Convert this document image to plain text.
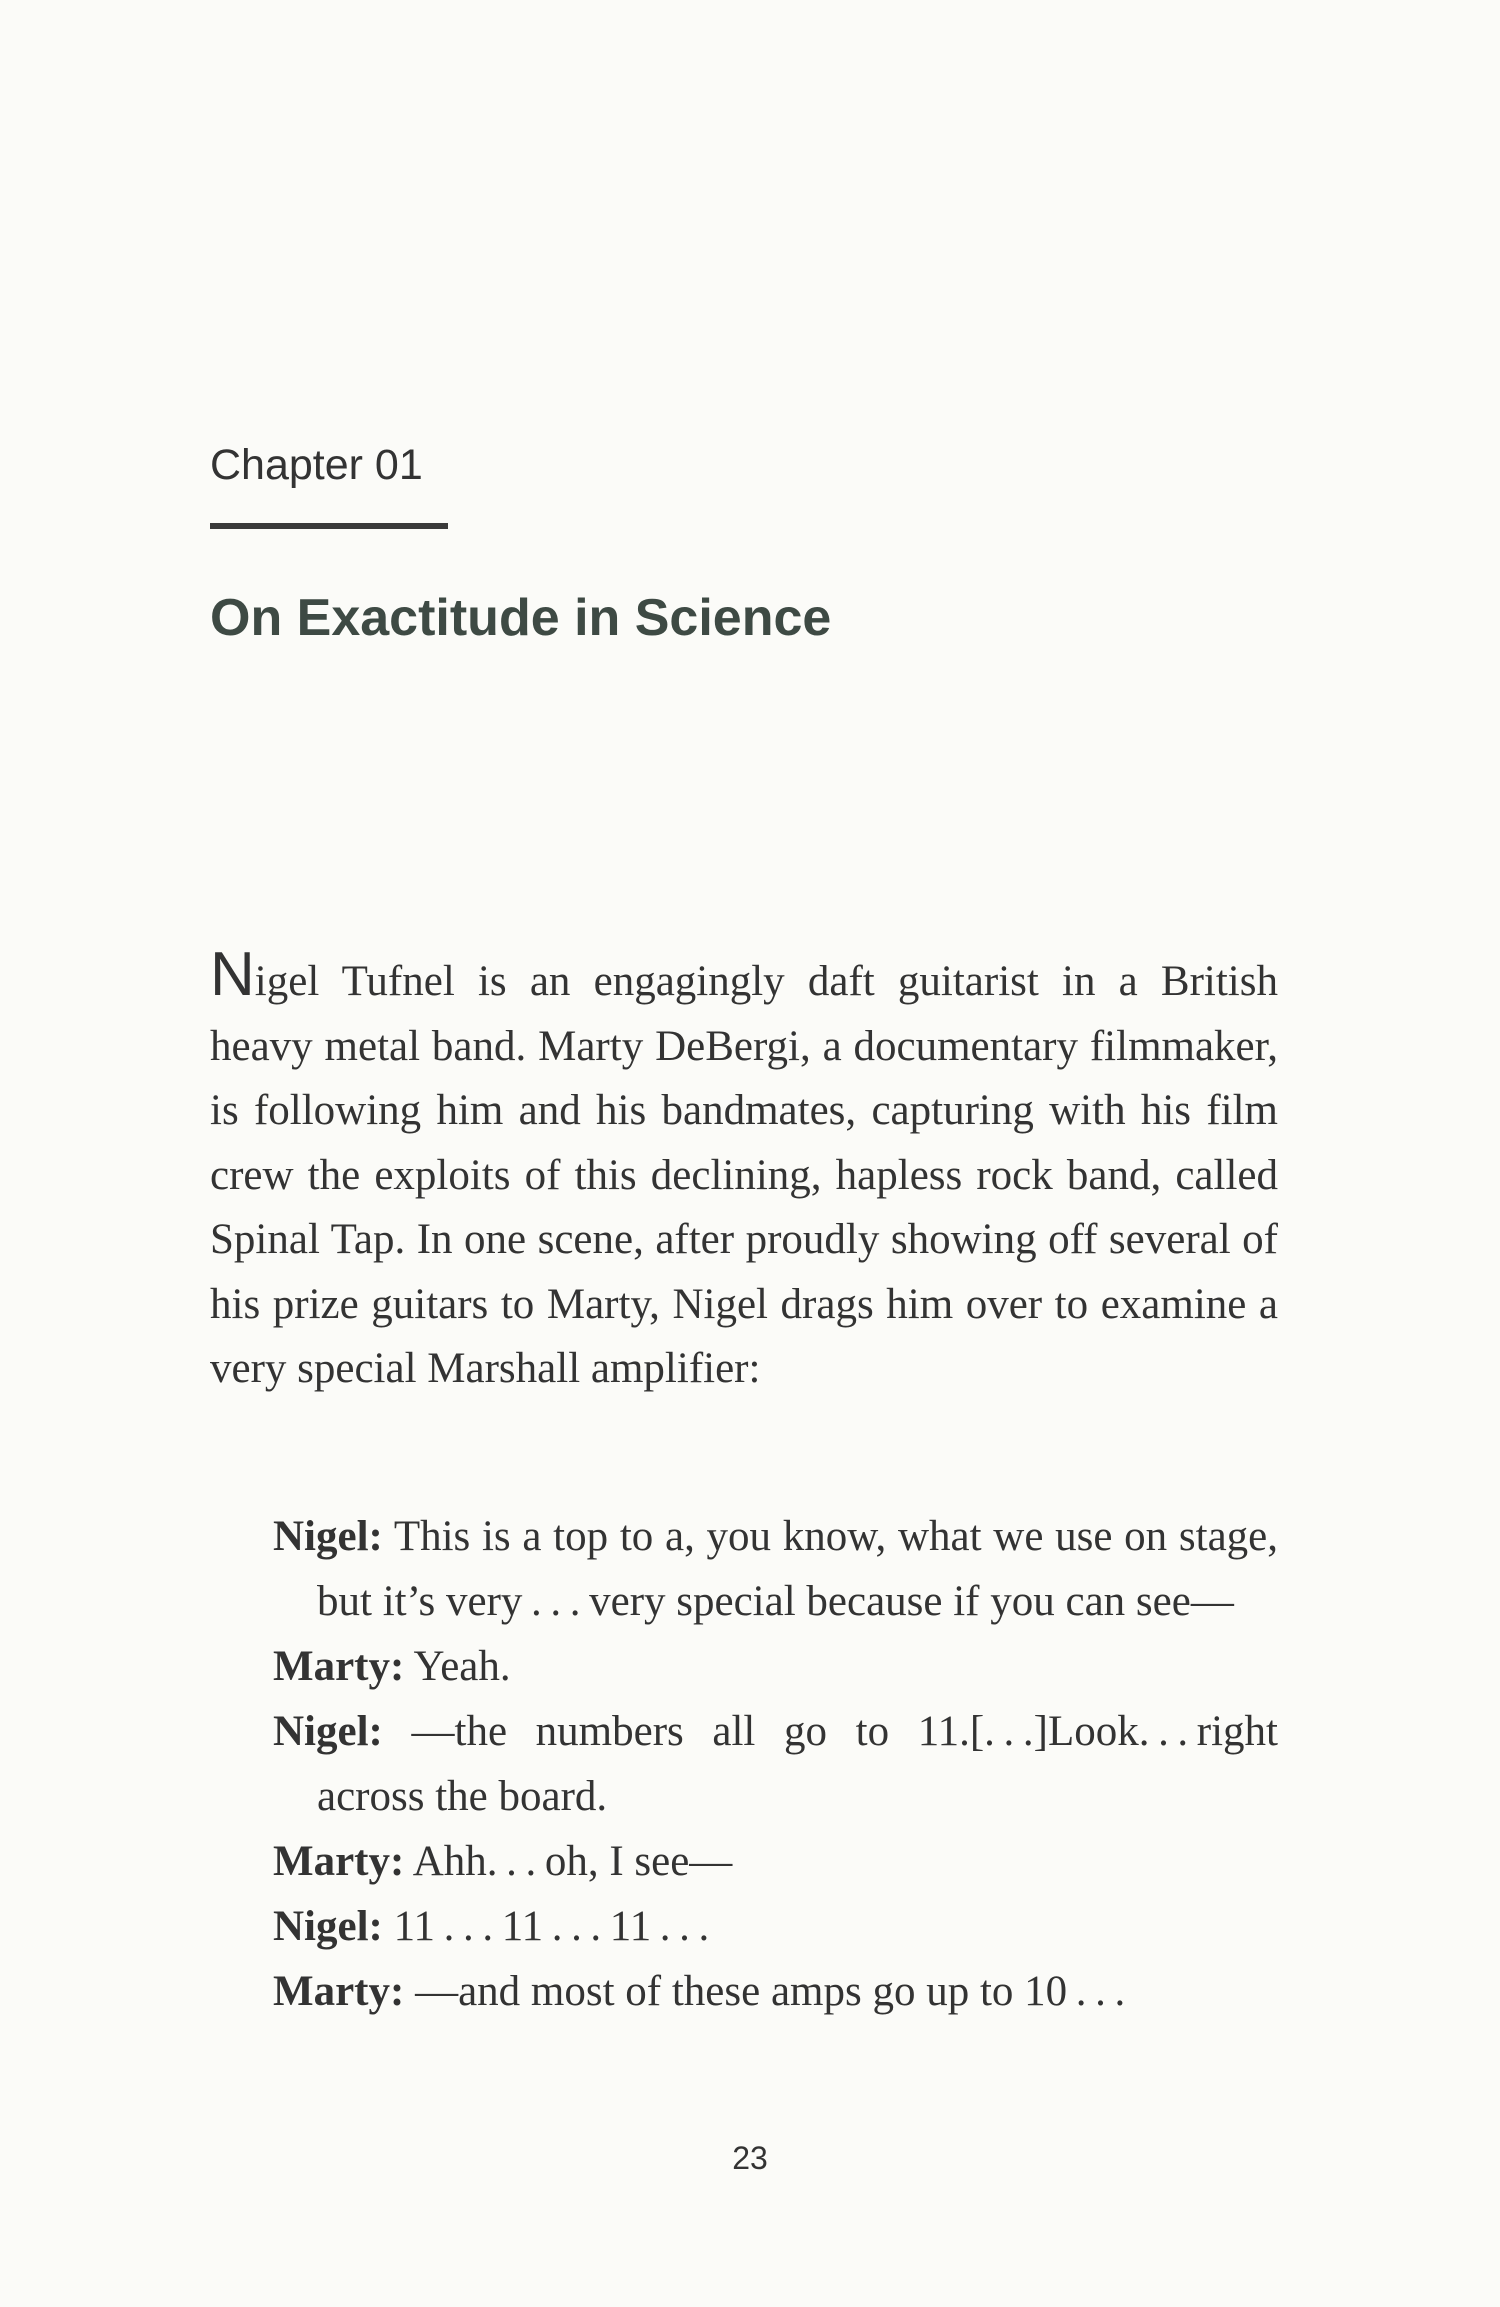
Chapter 01
On Exactitude in Science

Nigel Tufnel is an engagingly daft guitarist in a British heavy metal band. Marty DeBergi, a documentary filmmaker, is following him and his bandmates, capturing with his film crew the exploits of this declining, hapless rock band, called Spinal Tap. In one scene, after proudly showing off several of his prize guitars to Marty, Nigel drags him over to examine a very special Marshall amplifier:

Nigel: This is a top to a, you know, what we use on stage, but it’s very . . . very special because if you can see—

Marty: Yeah.

Nigel: —the numbers all go to 11.[. . .]Look. . . right across the board.

Marty: Ahh. . . oh, I see—

Nigel: 11 . . . 11 . . . 11 . . .

Marty: —and most of these amps go up to 10 . . .

23
